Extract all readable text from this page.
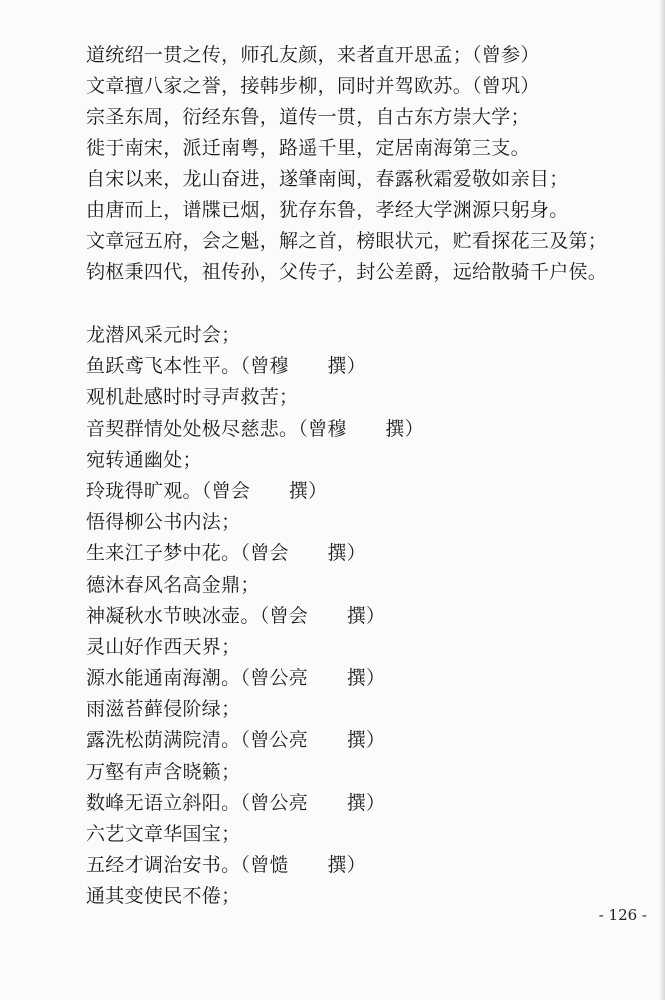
道统绍一贯之传，师孔友颜，来者直开思孟；（曾参）
文章擅八家之誉，接韩步柳，同时并驾欧苏。（曾巩）
宗圣东周，衍经东鲁，道传一贯，自古东方崇大学；
徙于南宋，派迁南粤，路遥千里，定居南海第三支。
自宋以来，龙山奋进，遂肇南闽，春露秋霜爱敬如亲目；
由唐而上，谱牒已烟，犹存东鲁，孝经大学渊源只躬身。
文章冠五府，会之魁，解之首，榜眼状元，贮看探花三及第；
钧枢秉四代，祖传孙，父传子，封公差爵，远给散骑千户侯。
龙潜风采元时会；
鱼跃鸢飞本性平。（曾穆　　撰）
观机赴感时时寻声救苦；
音契群情处处极尽慈悲。（曾穆　　撰）
宛转通幽处；
玲珑得旷观。（曾会　　撰）
悟得柳公书内法；
生来江子梦中花。（曾会　　撰）
德沐春风名高金鼎；
神凝秋水节映冰壶。（曾会　　撰）
灵山好作西天界；
源水能通南海潮。（曾公亮　　撰）
雨滋苔藓侵阶绿；
露洗松荫满院清。（曾公亮　　撰）
万壑有声含晓籁；
数峰无语立斜阳。（曾公亮　　撰）
六艺文章华国宝；
五经才调治安书。（曾慥　　撰）
通其变使民不倦；
- 126 -
